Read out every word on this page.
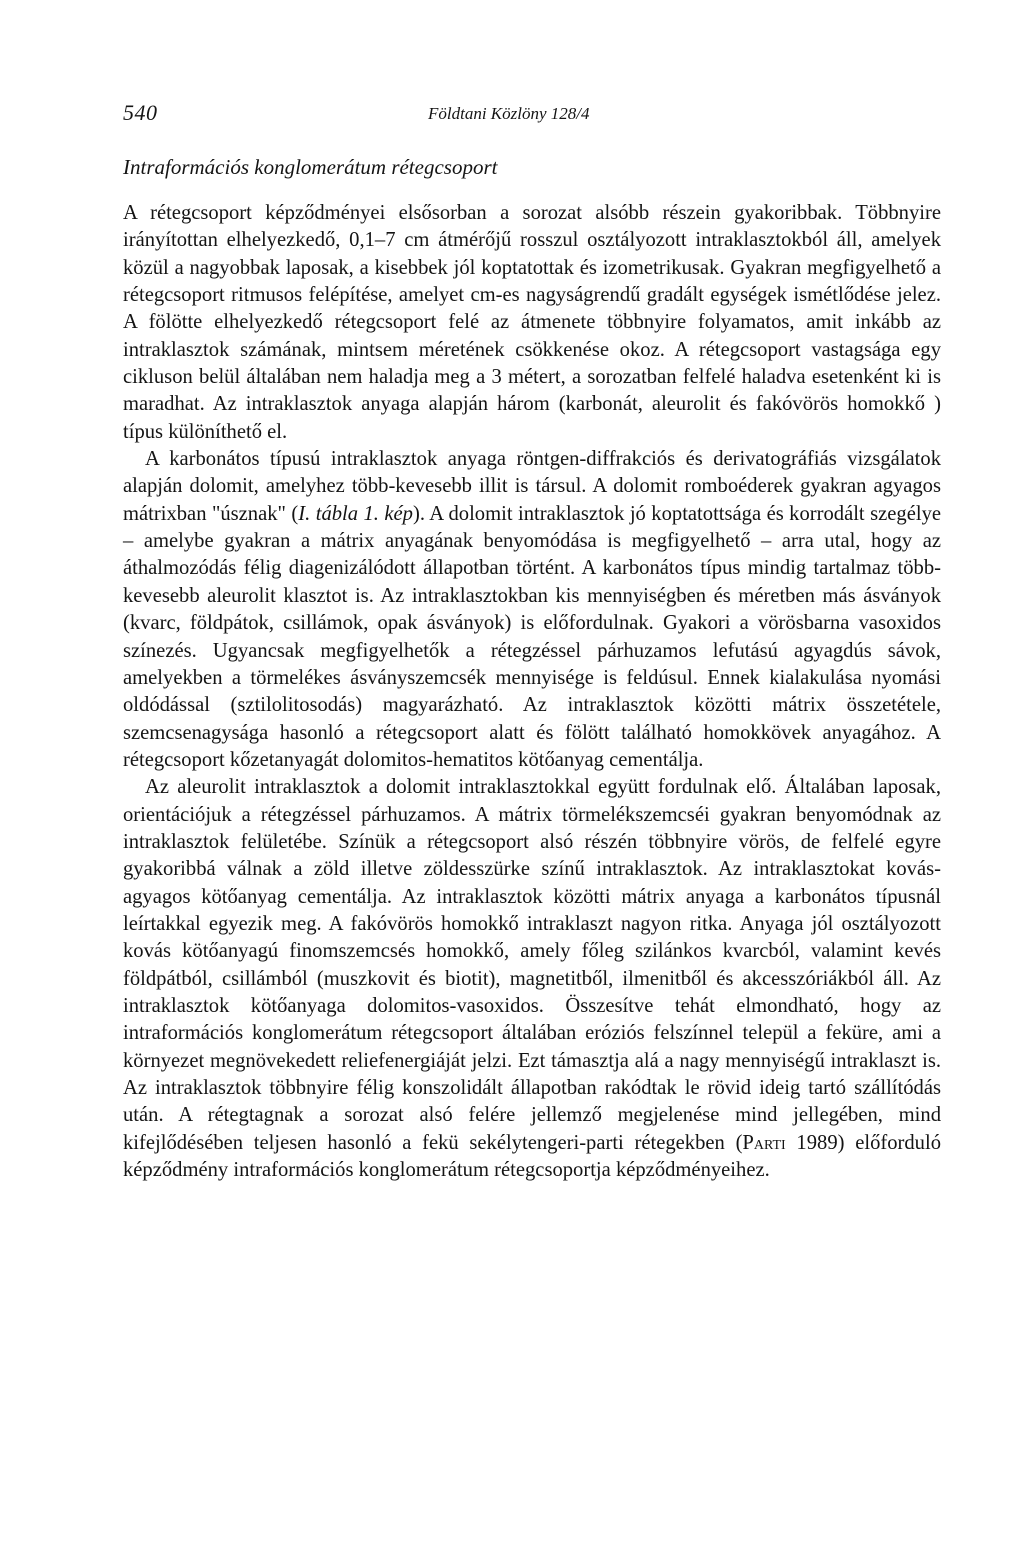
540	Földtani Közlöny 128/4
Intraformációs konglomerátum rétegcsoport

A rétegcsoport képződményei elsősorban a sorozat alsóbb részein gyakoribbak. Többnyire irányítottan elhelyezkedő, 0,1–7 cm átmérőjű rosszul osztályozott intraklasztokból áll, amelyek közül a nagyobbak laposak, a kisebbek jól koptatottak és izometrikusak. Gyakran megfigyelhető a rétegcsoport ritmusos felépítése, amelyet cm-es nagyságrendű gradált egységek ismétlődése jelez. A fölötte elhelyezkedő rétegcsoport felé az átmenete többnyire folyamatos, amit inkább az intraklasztok számának, mintsem méretének csökkenése okoz. A rétegcsoport vastagsága egy cikluson belül általában nem haladja meg a 3 métert, a sorozatban felfelé haladva esetenként ki is maradhat. Az intraklasztok anyaga alapján három (karbonát, aleurolit és fakóvörös homokkő ) típus különíthető el.

A karbonátos típusú intraklasztok anyaga röntgen-diffrakciós és derivatográfiás vizsgálatok alapján dolomit, amelyhez több-kevesebb illit is társul. A dolomit romboéderek gyakran agyagos mátrixban "úsznak" (I. tábla 1. kép). A dolomit intraklasztok jó koptatottsága és korrodált szegélye – amelybe gyakran a mátrix anyagának benyomódása is megfigyelhető – arra utal, hogy az áthalmozódás félig diagenizálódott állapotban történt. A karbonátos típus mindig tartalmaz több-kevesebb aleurolit klasztot is. Az intraklasztokban kis mennyiségben és méretben más ásványok (kvarc, földpátok, csillámok, opak ásványok) is előfordulnak. Gyakori a vörösbarna vasoxidos színezés. Ugyancsak megfigyelhetők a rétegzéssel párhuzamos lefutású agyagdús sávok, amelyekben a törmelékes ásványszemcsék mennyisége is feldúsul. Ennek kialakulása nyomási oldódással (sztilolitosodás) magyarázható. Az intraklasztok közötti mátrix összetétele, szemcsenagysága hasonló a rétegcsoport alatt és fölött található homokkövek anyagához. A rétegcsoport kőzetanyagát dolomitos-hematitos kötőanyag cementálja.

Az aleurolit intraklasztok a dolomit intraklasztokkal együtt fordulnak elő. Általában laposak, orientációjuk a rétegzéssel párhuzamos. A mátrix törmelékszemcséi gyakran benyomódnak az intraklasztok felületébe. Színük a rétegcsoport alsó részén többnyire vörös, de felfelé egyre gyakoribbá válnak a zöld illetve zöldesszürke színű intraklasztok. Az intraklasztokat kovás-agyagos kötőanyag cementálja. Az intraklasztok közötti mátrix anyaga a karbonátos típusnál leírtakkal egyezik meg. A fakóvörös homokkő intraklaszt nagyon ritka. Anyaga jól osztályozott kovás kötőanyagú finomszemcsés homokkő, amely főleg szilánkos kvarcból, valamint kevés földpátból, csillámból (muszkovit és biotit), magnetitből, ilmenitből és akcesszóriákból áll. Az intraklasztok kötőanyaga dolomitos-vasoxidos. Összesítve tehát elmondható, hogy az intraformációs konglomerátum rétegcsoport általában eróziós felszínnel települ a feküre, ami a környezet megnövekedett reliefenergiáját jelzi. Ezt támasztja alá a nagy mennyiségű intraklaszt is. Az intraklasztok többnyire félig konszolidált állapotban rakódtak le rövid ideig tartó szállítódás után. A rétegtagnak a sorozat alsó felére jellemző megjelenése mind jellegében, mind kifejlődésében teljesen hasonló a fekü sekélytengeri-parti rétegekben (Parti 1989) előforduló képződmény intraformációs konglomerátum rétegcsoportja képződményeihez.
